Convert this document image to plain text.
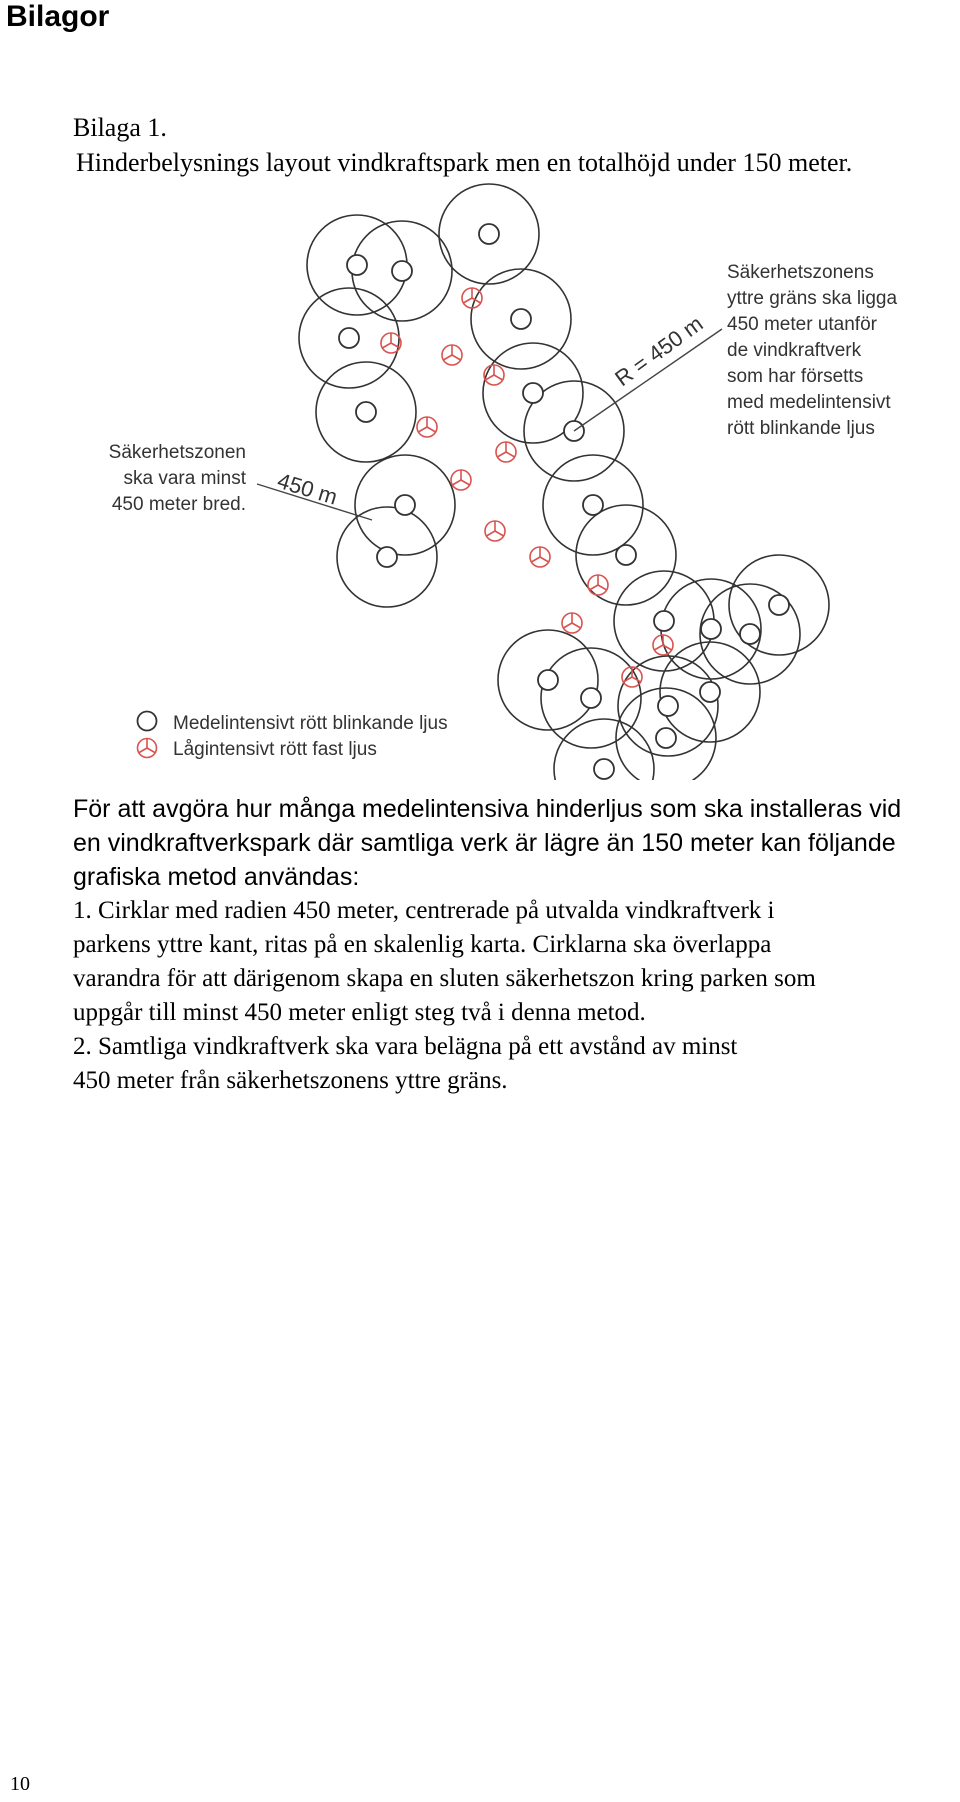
Bilagor
Bilaga 1.
Hinderbelysnings layout vindkraftspark men en totalhöjd under 150 meter.
R = 450 m
450 m
Säkerhetszonens
yttre gräns ska ligga
450 meter utanför
de vindkraftverk
som har försetts
med medelintensivt
rött blinkande ljus
Säkerhetszonen
ska vara minst
450 meter bred.
Medelintensivt rött blinkande ljus
Lågintensivt rött fast ljus

För att avgöra hur många medelintensiva hinderljus som ska installeras vid

en vindkraftverkspark där samtliga verk är lägre än 150 meter kan följande

grafiska metod användas:

1. Cirklar med radien 450 meter, centrerade på utvalda vindkraftverk i

parkens yttre kant, ritas på en skalenlig karta. Cirklarna ska överlappa

varandra för att därigenom skapa en sluten säkerhetszon kring parken som

uppgår till minst 450 meter enligt steg två i denna metod.

2. Samtliga vindkraftverk ska vara belägna på ett avstånd av minst

450 meter från säkerhetszonens yttre gräns.

10
